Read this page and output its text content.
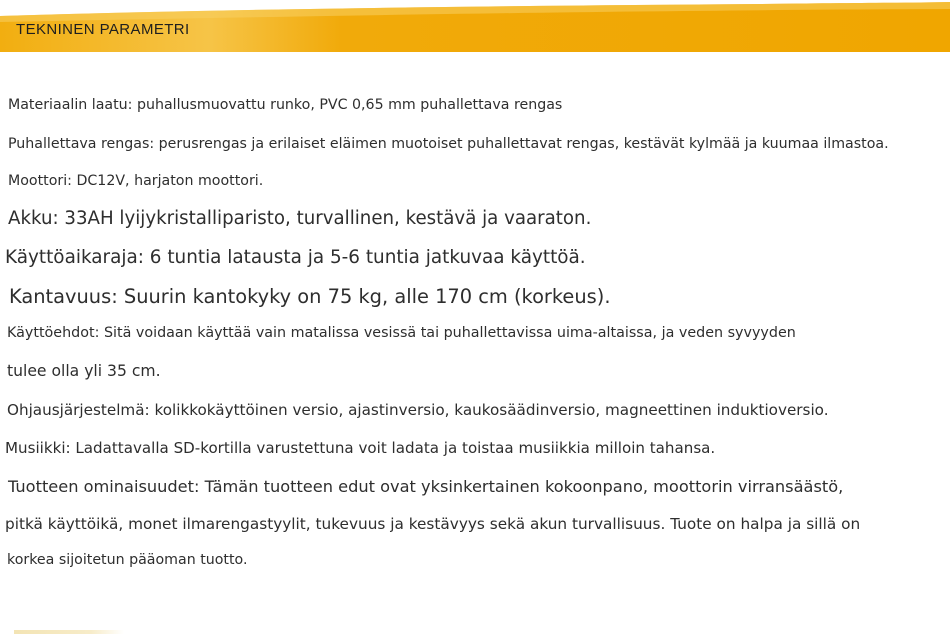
TEKNINEN PARAMETRI
Materiaalin laatu: puhallusmuovattu runko, PVC 0,65 mm puhallettava rengas
Puhallettava rengas: perusrengas ja erilaiset eläimen muotoiset puhallettavat rengas, kestävät kylmää ja kuumaa ilmastoa.
Moottori: DC12V, harjaton moottori.
Akku: 33AH lyijykristalliparisto, turvallinen, kestävä ja vaaraton.
Käyttöaikaraja: 6 tuntia latausta ja 5-6 tuntia jatkuvaa käyttöä.
Kantavuus: Suurin kantokyky on 75 kg, alle 170 cm (korkeus).
Käyttöehdot: Sitä voidaan käyttää vain matalissa vesissä tai puhallettavissa uima-altaissa, ja veden syvyyden
tulee olla yli 35 cm.
Ohjausjärjestelmä: kolikkokäyttöinen versio, ajastinversio, kaukosäädinversio, magneettinen induktioversio.
Musiikki: Ladattavalla SD-kortilla varustettuna voit ladata ja toistaa musiikkia milloin tahansa.
Tuotteen ominaisuudet: Tämän tuotteen edut ovat yksinkertainen kokoonpano, moottorin virransäästö,
pitkä käyttöikä, monet ilmarengastyylit, tukevuus ja kestävyys sekä akun turvallisuus. Tuote on halpa ja sillä on
korkea sijoitetun pääoman tuotto.
